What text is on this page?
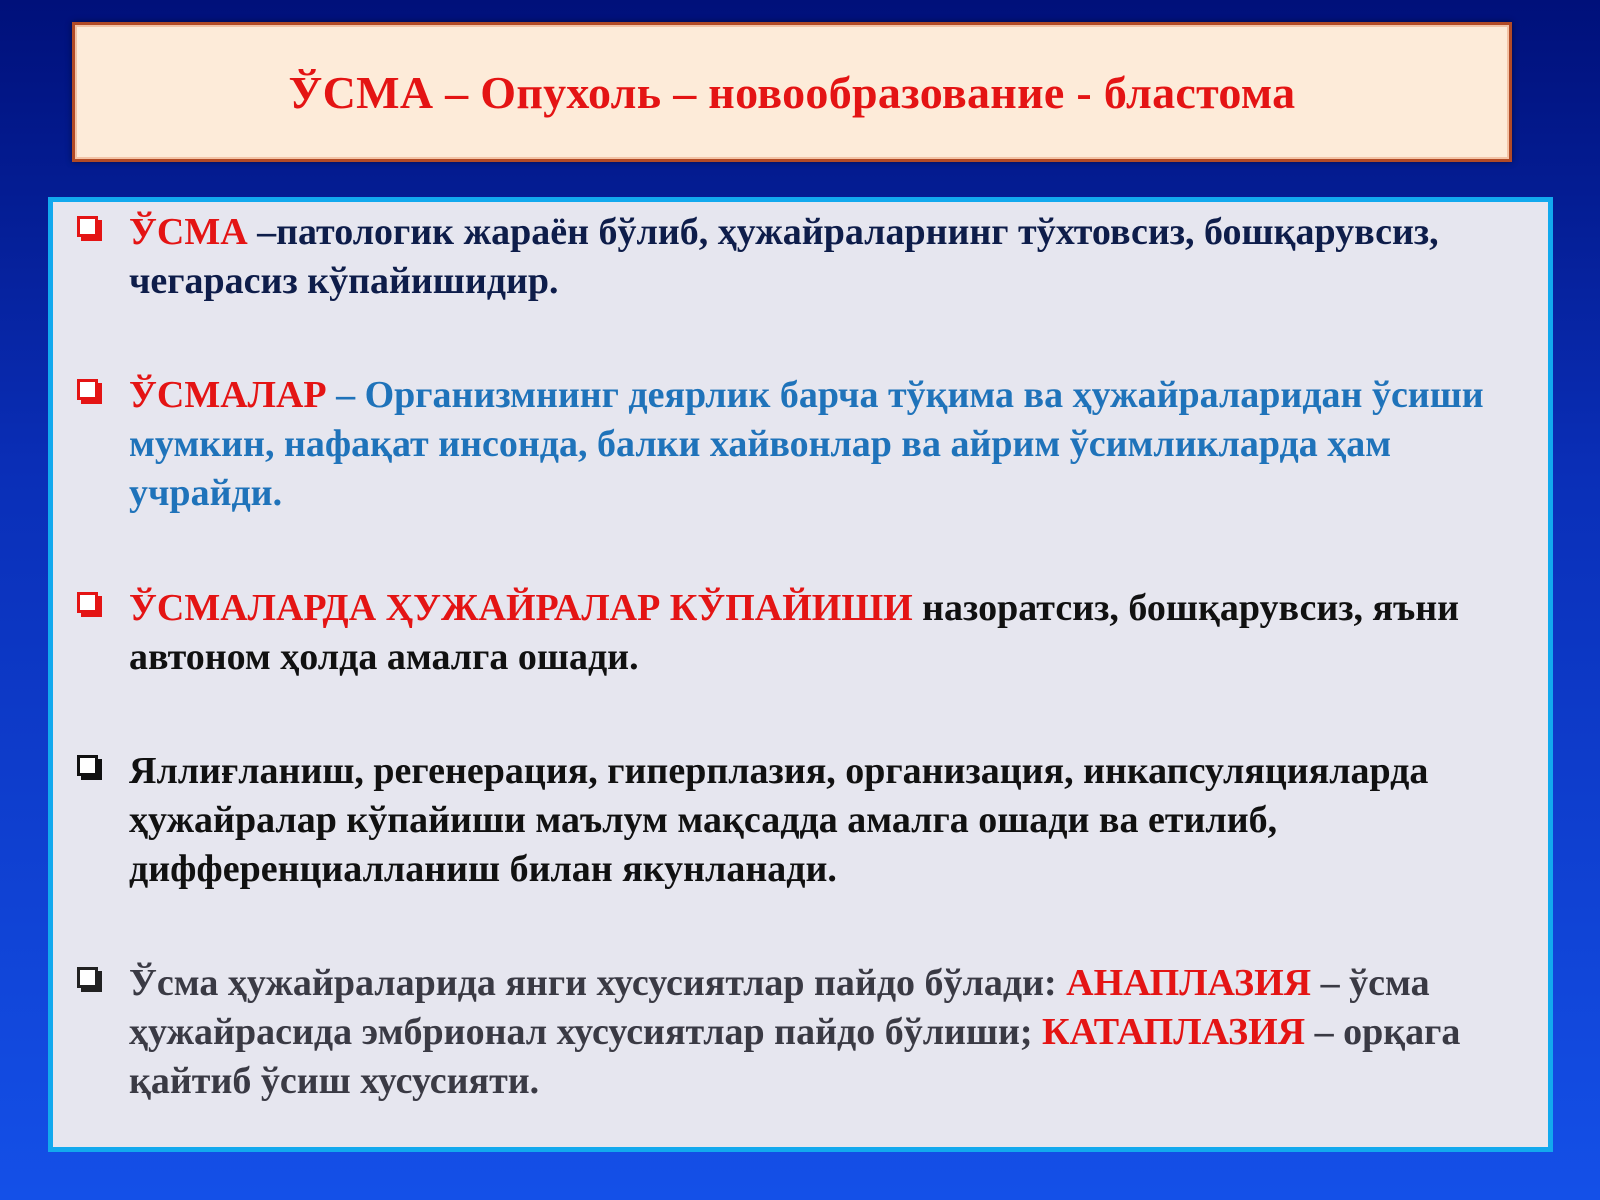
ЎСМА – Опухоль – новообразование - бластома
ЎСМА –патологик жараён бўлиб, ҳужайраларнинг тўхтовсиз, бошқарувсиз, чегарасиз кўпайишидир.
ЎСМАЛАР – Организмнинг деярлик барча тўқима ва ҳужайраларидан ўсиши мумкин, нафақат инсонда, балки хайвонлар ва айрим ўсимликларда ҳам учрайди.
ЎСМАЛАРДА ҲУЖАЙРАЛАР КЎПАЙИШИ назоратсиз, бошқарувсиз, яъни автоном ҳолда амалга ошади.
Яллиғланиш, регенерация, гиперплазия, организация, инкапсуляцияларда ҳужайралар кўпайиши маълум мақсадда амалга ошади ва етилиб, дифференциалланиш билан якунланади.
Ўсма ҳужайраларида янги хусусиятлар пайдо бўлади: АНАПЛАЗИЯ – ўсма ҳужайрасида эмбрионал хусусиятлар пайдо бўлиши; КАТАПЛАЗИЯ – орқага қайтиб ўсиш хусусияти.
